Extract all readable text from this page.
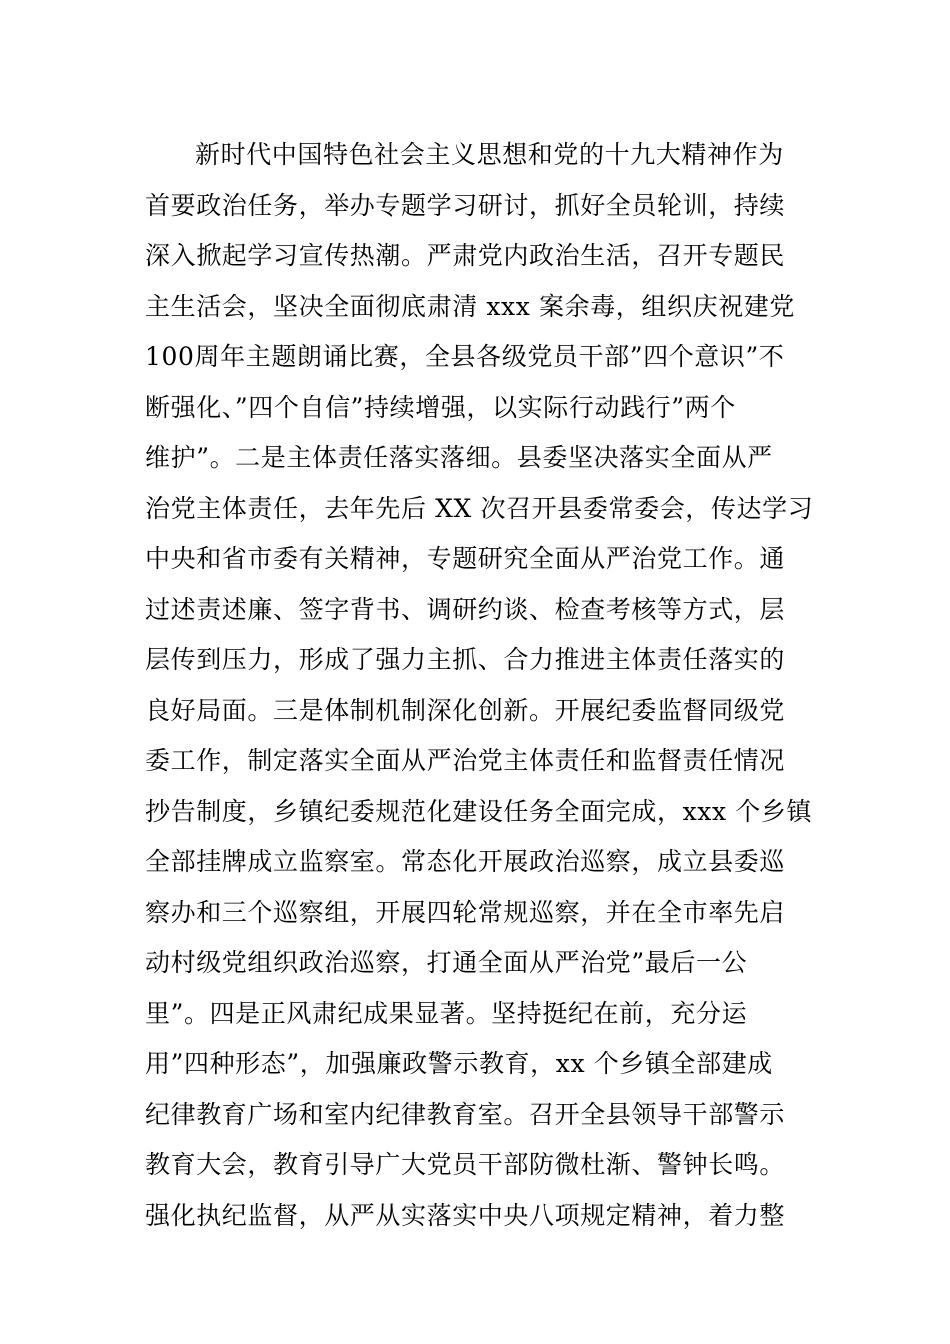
新时代中国特色社会主义思想和党的十九大精神作为
首要政治任务，举办专题学习研讨，抓好全员轮训，持续
深入掀起学习宣传热潮。严肃党内政治生活，召开专题民
主生活会，坚决全面彻底肃清 xxx 案余毒，组织庆祝建党
100周年主题朗诵比赛，全县各级党员干部”四个意识”不
断强化、”四个自信”持续增强，以实际行动践行”两个
维护”。二是主体责任落实落细。县委坚决落实全面从严
治党主体责任，去年先后 XX 次召开县委常委会，传达学习
中央和省市委有关精神，专题研究全面从严治党工作。通
过述责述廉、签字背书、调研约谈、检查考核等方式，层
层传到压力，形成了强力主抓、合力推进主体责任落实的
良好局面。三是体制机制深化创新。开展纪委监督同级党
委工作，制定落实全面从严治党主体责任和监督责任情况
抄告制度，乡镇纪委规范化建设任务全面完成，xxx 个乡镇
全部挂牌成立监察室。常态化开展政治巡察，成立县委巡
察办和三个巡察组，开展四轮常规巡察，并在全市率先启
动村级党组织政治巡察，打通全面从严治党”最后一公
里”。四是正风肃纪成果显著。坚持挺纪在前，充分运
用”四种形态”，加强廉政警示教育，xx 个乡镇全部建成
纪律教育广场和室内纪律教育室。召开全县领导干部警示
教育大会，教育引导广大党员干部防微杜渐、警钟长鸣。
强化执纪监督，从严从实落实中央八项规定精神，着力整
